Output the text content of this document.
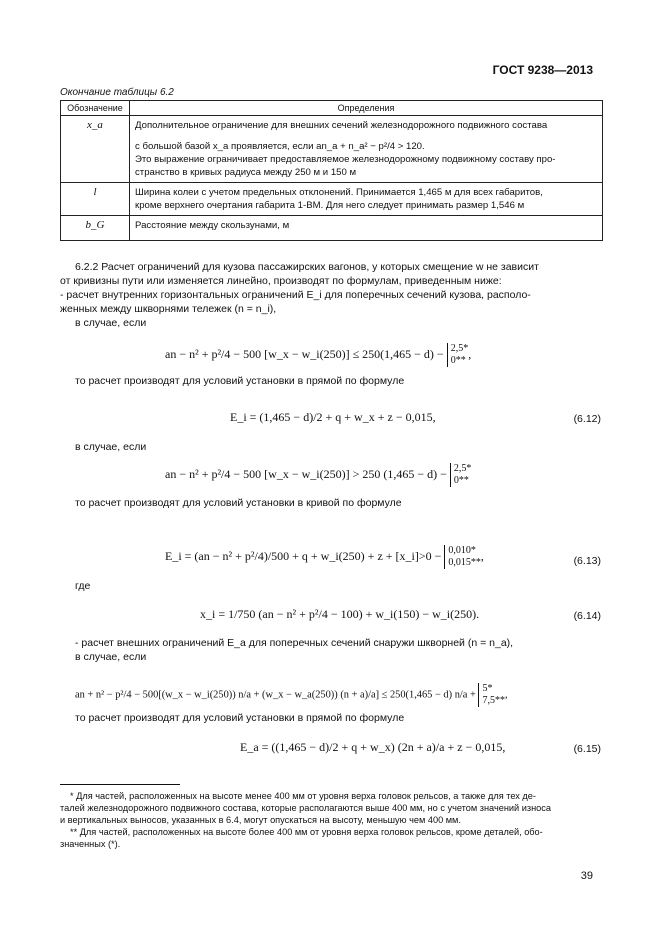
ГОСТ 9238—2013
Окончание таблицы 6.2
Обозначение	Определения
x_a	Дополнительное ограничение для внешних сечений железнодорожного подвижного состава
с большой базой x_a проявляется, если an_a + n_a² − p²/4 > 120.
Это выражение ограничивает предоставляемое железнодорожному подвижному составу про-
странство в кривых радиуса между 250 м и 150 м

l	Ширина колеи с учетом предельных отклонений. Принимается 1,465 м для всех габаритов,
кроме верхнего очертания габарита 1-ВМ. Для него следует принимать размер 1,546 м

b_G	Расстояние между скользунами, м
6.2.2 Расчет ограничений для кузова пассажирских вагонов, у которых смещение w не зависит
от кривизны пути или изменяется линейно, производят по формулам, приведенным ниже:
- расчет внутренних горизонтальных ограничений E_i для поперечных сечений кузова, располо-
женных между шкворнями тележек (n = n_i),
в случае, если
an − n² + p²/4 − 500 [w_x − w_i(250)] ≤ 250(1,465 − d) − 2,5*
0** ,
то расчет производят для условий установки в прямой по формуле
E_i = (1,465 − d)/2 + q + w_x + z − 0,015,	(6.12)
в случае, если
an − n² + p²/4 − 500 [w_x − w_i(250)] > 250 (1,465 − d) − 2,5*
0**
то расчет производят для условий установки в кривой по формуле
E_i = (an − n² + p²/4)/500 + q + w_i(250) + z + [x_i]>0 − 0,010*
0,015** ,	(6.13)
где
x_i = 1/750 (an − n² + p²/4 − 100) + w_i(150) − w_i(250).	(6.14)
- расчет внешних ограничений E_a для поперечных сечений снаружи шкворней (n = n_a),
в случае, если
an + n² − p²/4 − 500[(w_x − w_i(250)) n/a + (w_x − w_a(250)) (n + a)/a] ≤ 250(1,465 − d) n/a +
5*
7,5**
,
то расчет производят для условий установки в прямой по формуле
E_a = ((1,465 − d)/2 + q + w_x) (2n + a)/a + z − 0,015,	(6.15)
* Для частей, расположенных на высоте менее 400 мм от уровня верха головок рельсов, а также для тех де-
талей железнодорожного подвижного состава, которые располагаются выше 400 мм, но с учетом значений износа
и вертикальных выносов, указанных в 6.4, могут опускаться на высоту, меньшую чем 400 мм.
** Для частей, расположенных на высоте более 400 мм от уровня верха головок рельсов, кроме деталей, обо-
значенных (*).
39
